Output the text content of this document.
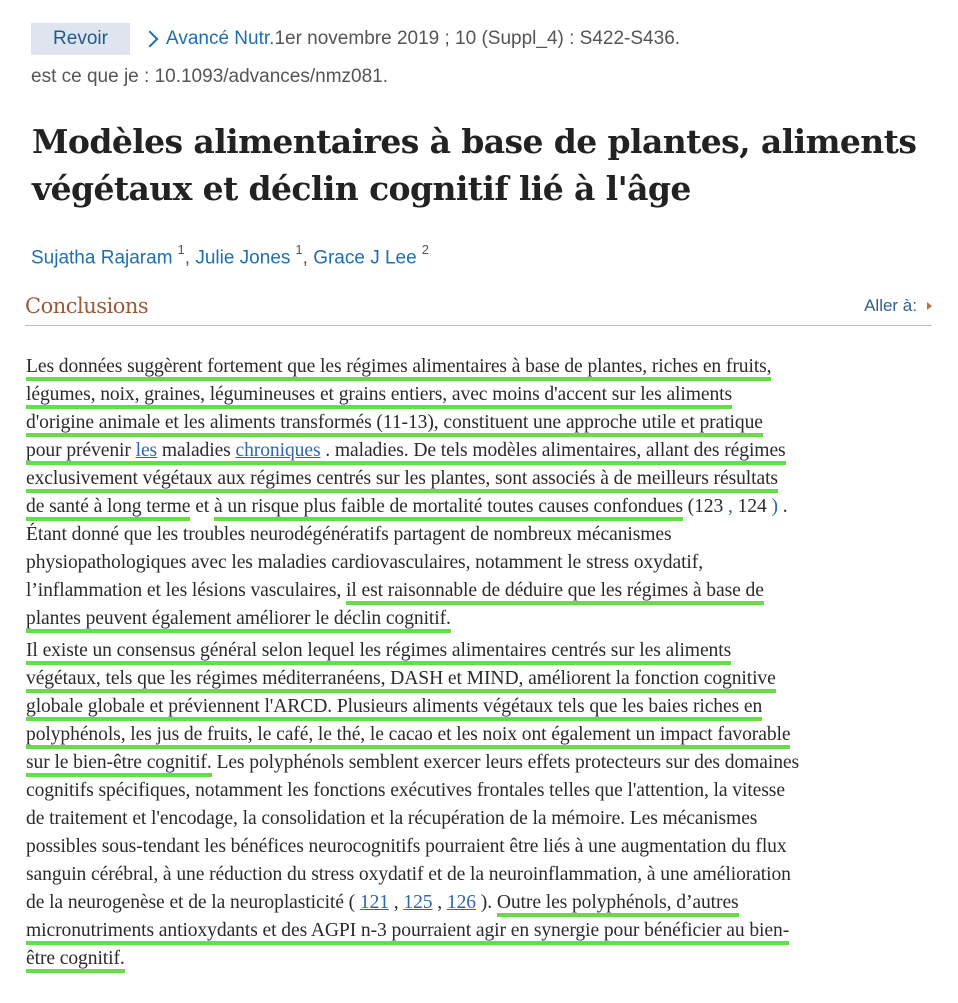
Revoir	Avancé Nutr. 1er novembre 2019 ; 10 (Suppl_4) : S422-S436.
est ce que je : 10.1093/advances/nmz081.
Modèles alimentaires à base de plantes, aliments végétaux et déclin cognitif lié à l'âge
Sujatha Rajaram $^1$, Julie Jones $^1$, Grace J Lee $^2$
Conclusions	Aller à:
Les données suggèrent fortement que les régimes alimentaires à base de plantes, riches en fruits,
légumes, noix, graines, légumineuses et grains entiers, avec moins d'accent sur les aliments
d'origine animale et les aliments transformés (11-13), constituent une approche utile et pratique
pour prévenir les maladies chroniques . maladies. De tels modèles alimentaires, allant des régimes
exclusivement végétaux aux régimes centrés sur les plantes, sont associés à de meilleurs résultats
de santé à long terme et à un risque plus faible de mortalité toutes causes confondues (123 , 124 ) .
Étant donné que les troubles neurodégénératifs partagent de nombreux mécanismes
physiopathologiques avec les maladies cardiovasculaires, notamment le stress oxydatif,
l’inflammation et les lésions vasculaires, il est raisonnable de déduire que les régimes à base de
plantes peuvent également améliorer le déclin cognitif.
Il existe un consensus général selon lequel les régimes alimentaires centrés sur les aliments
végétaux, tels que les régimes méditerranéens, DASH et MIND, améliorent la fonction cognitive
globale globale et préviennent l'ARCD. Plusieurs aliments végétaux tels que les baies riches en
polyphénols, les jus de fruits, le café, le thé, le cacao et les noix ont également un impact favorable
sur le bien-être cognitif. Les polyphénols semblent exercer leurs effets protecteurs sur des domaines
cognitifs spécifiques, notamment les fonctions exécutives frontales telles que l'attention, la vitesse
de traitement et l'encodage, la consolidation et la récupération de la mémoire. Les mécanismes
possibles sous-tendant les bénéfices neurocognitifs pourraient être liés à une augmentation du flux
sanguin cérébral, à une réduction du stress oxydatif et de la neuroinflammation, à une amélioration
de la neurogenèse et de la neuroplasticité ( 121 , 125 , 126 ). Outre les polyphénols, d’autres
micronutriments antioxydants et des AGPI n-3 pourraient agir en synergie pour bénéficier au bien-
être cognitif.
